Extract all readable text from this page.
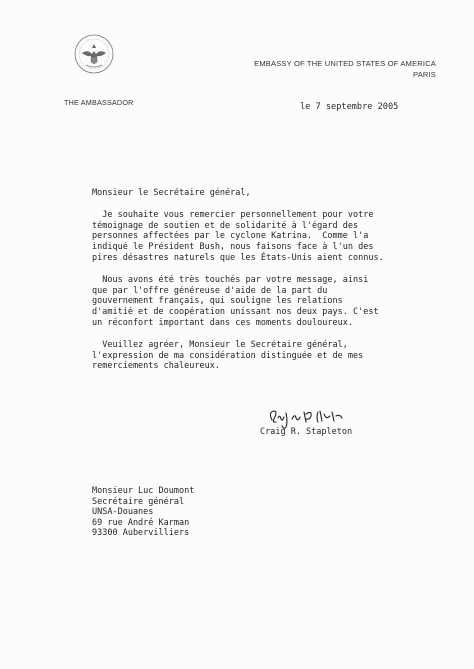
EMBASSY OF THE UNITED STATES OF AMERICA
PARIS
THE AMBASSADOR	le 7 septembre 2005
Monsieur le Secrétaire général,
Je souhaite vous remercier personnellement pour votre
témoignage de soutien et de solidarité à l'égard des
personnes affectées par le cyclone Katrina.  Comme l'a
indiqué le Président Bush, nous faisons face à l'un des
pires désastres naturels que les États-Unis aient connus.
Nous avons été très touchés par votre message, ainsi
que par l'offre généreuse d'aide de la part du
gouvernement français, qui souligne les relations
d'amitié et de coopération unissant nos deux pays. C'est
un réconfort important dans ces moments douloureux.
Veuillez agréer, Monsieur le Secrétaire général,
l'expression de ma considération distinguée et de mes
remerciements chaleureux.
Craig R. Stapleton
Monsieur Luc Doumont
Secrétaire général
UNSA-Douanes
69 rue André Karman
93300 Aubervilliers
